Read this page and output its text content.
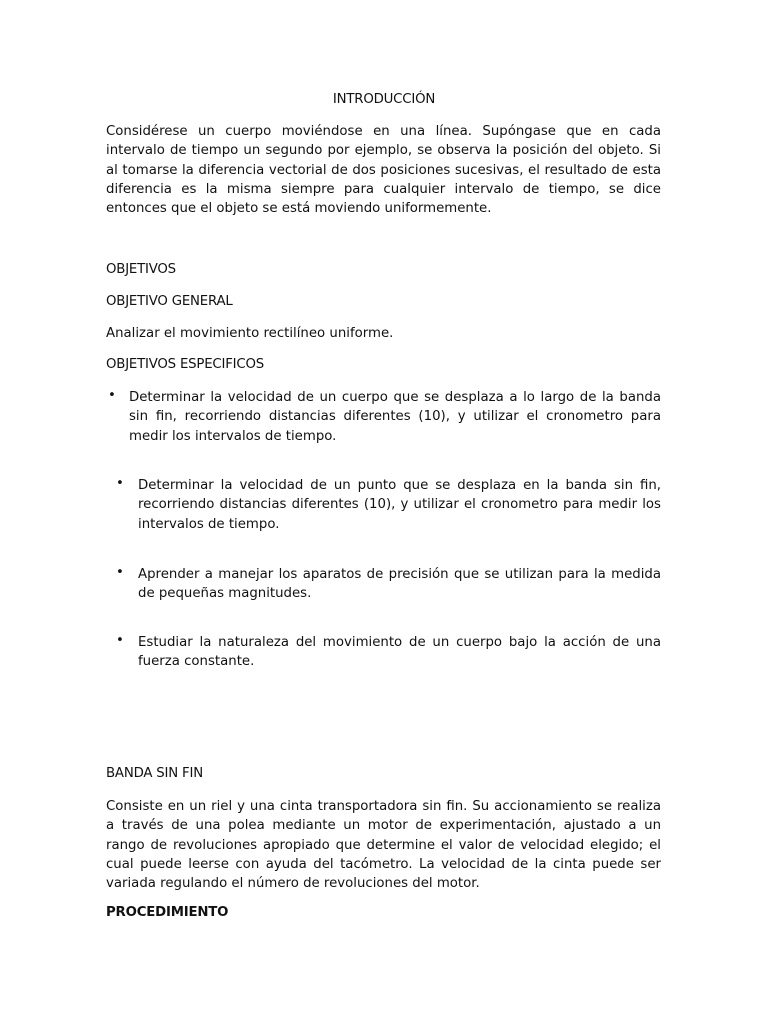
INTRODUCCIÓN

Considérese un cuerpo moviéndose en una línea. Supóngase que en cada intervalo de tiempo un segundo por ejemplo, se observa la posición del objeto. Si al tomarse la diferencia vectorial de dos posiciones sucesivas, el resultado de esta diferencia es la misma siempre para cualquier intervalo de tiempo, se dice entonces que el objeto se está moviendo uniformemente.

OBJETIVOS

OBJETIVO GENERAL

Analizar el movimiento rectilíneo uniforme.

OBJETIVOS ESPECIFICOS

• Determinar la velocidad de un cuerpo que se desplaza a lo largo de la banda sin fin, recorriendo distancias diferentes (10), y utilizar el cronometro para medir los intervalos de tiempo.

•	Determinar la velocidad de un punto que se desplaza en la banda sin fin, recorriendo distancias diferentes (10), y utilizar el cronometro para medir los intervalos de tiempo.

•	Aprender a manejar los aparatos de precisión que se utilizan para la medida de pequeñas magnitudes.

•	Estudiar la naturaleza del movimiento de un cuerpo bajo la acción de una fuerza constante.

BANDA SIN FIN

Consiste en un riel y una cinta transportadora sin fin. Su accionamiento se realiza a través de una polea mediante un motor de experimentación, ajustado a un rango de revoluciones apropiado que determine el valor de velocidad elegido; el cual puede leerse con ayuda del tacómetro. La velocidad de la cinta puede ser variada regulando el número de revoluciones del motor.

PROCEDIMIENTO
